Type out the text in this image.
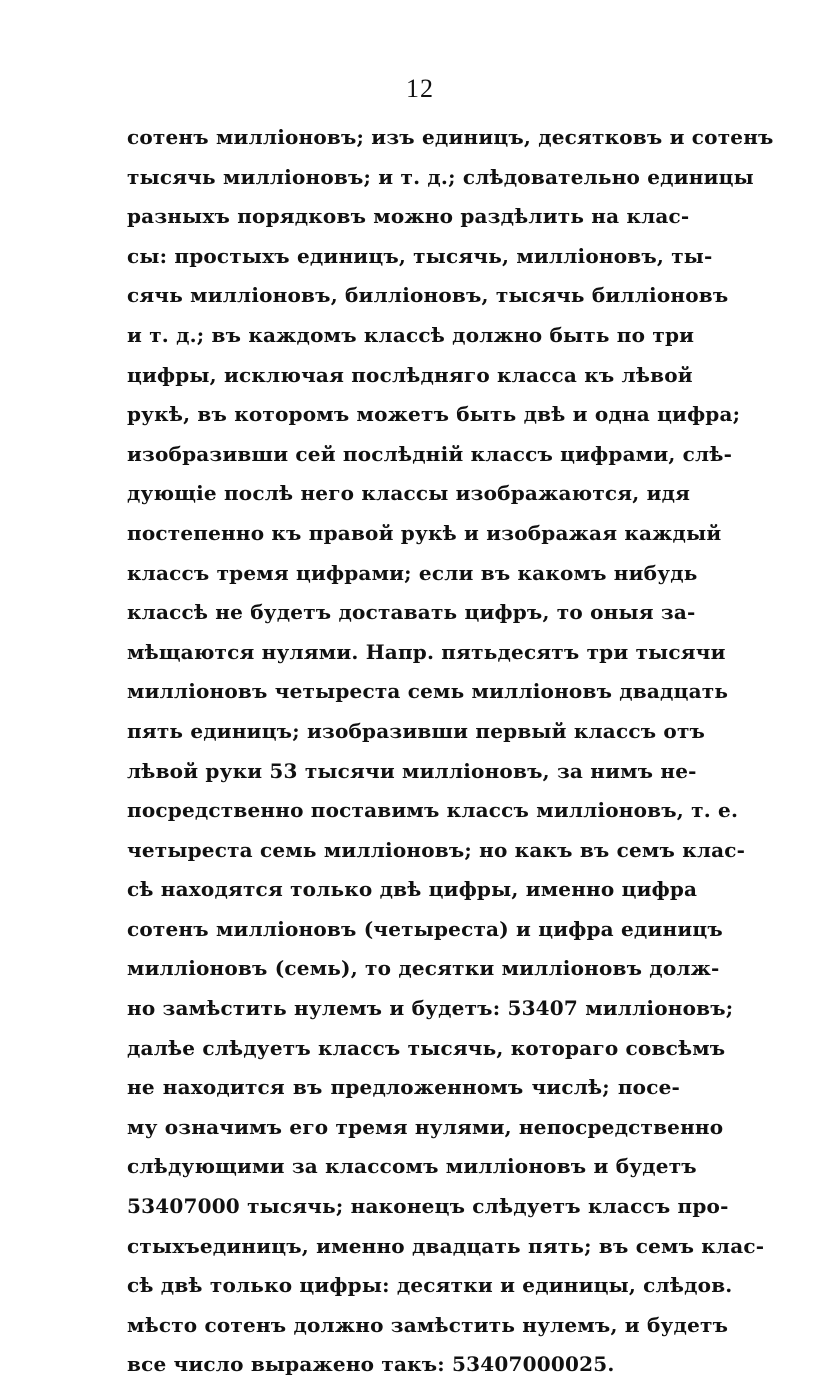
12
сотенъ милліоновъ; изъ единицъ, десятковъ и сотенъ
тысячь милліоновъ; и т. д.; слѣдовательно единицы
разныхъ порядковъ можно раздѣлить на клас-
сы: простыхъ единицъ, тысячь, милліоновъ, ты-
сячь милліоновъ, билліоновъ, тысячь билліоновъ
и т. д.; въ каждомъ классѣ должно быть по три
цифры, исключая послѣдняго класса къ лѣвой
рукѣ, въ которомъ можетъ быть двѣ и одна цифра;
изобразивши сей послѣдній классъ цифрами, слѣ-
дующіе послѣ него классы изображаются, идя
постепенно къ правой рукѣ и изображая каждый
классъ тремя цифрами; если въ какомъ нибудь
классѣ не будетъ доставать цифръ, то оныя за-
мѣщаются нулями. Напр. пятьдесятъ три тысячи
милліоновъ четыреста семь милліоновъ двадцать
пять единицъ; изобразивши первый классъ отъ
лѣвой руки 53 тысячи милліоновъ, за нимъ не-
посредственно поставимъ классъ милліоновъ, т. е.
четыреста семь милліоновъ; но какъ въ семъ клас-
сѣ находятся только двѣ цифры, именно цифра
сотенъ милліоновъ (четыреста) и цифра единицъ
милліоновъ (семь), то десятки милліоновъ долж-
но замѣстить нулемъ и будетъ: 53407 милліоновъ;
далѣе слѣдуетъ классъ тысячь, котораго совсѣмъ
не находится въ предложенномъ числѣ; посе-
му означимъ его тремя нулями, непосредственно
слѣдующими за классомъ милліоновъ и будетъ
53407000 тысячь; наконецъ слѣдуетъ классъ про-
стыхъединицъ, именно двадцать пять; въ семъ клас-
сѣ двѣ только цифры: десятки и единицы, слѣдов.
мѣсто сотенъ должно замѣстить нулемъ, и будетъ
все число выражено такъ: 53407000025.
